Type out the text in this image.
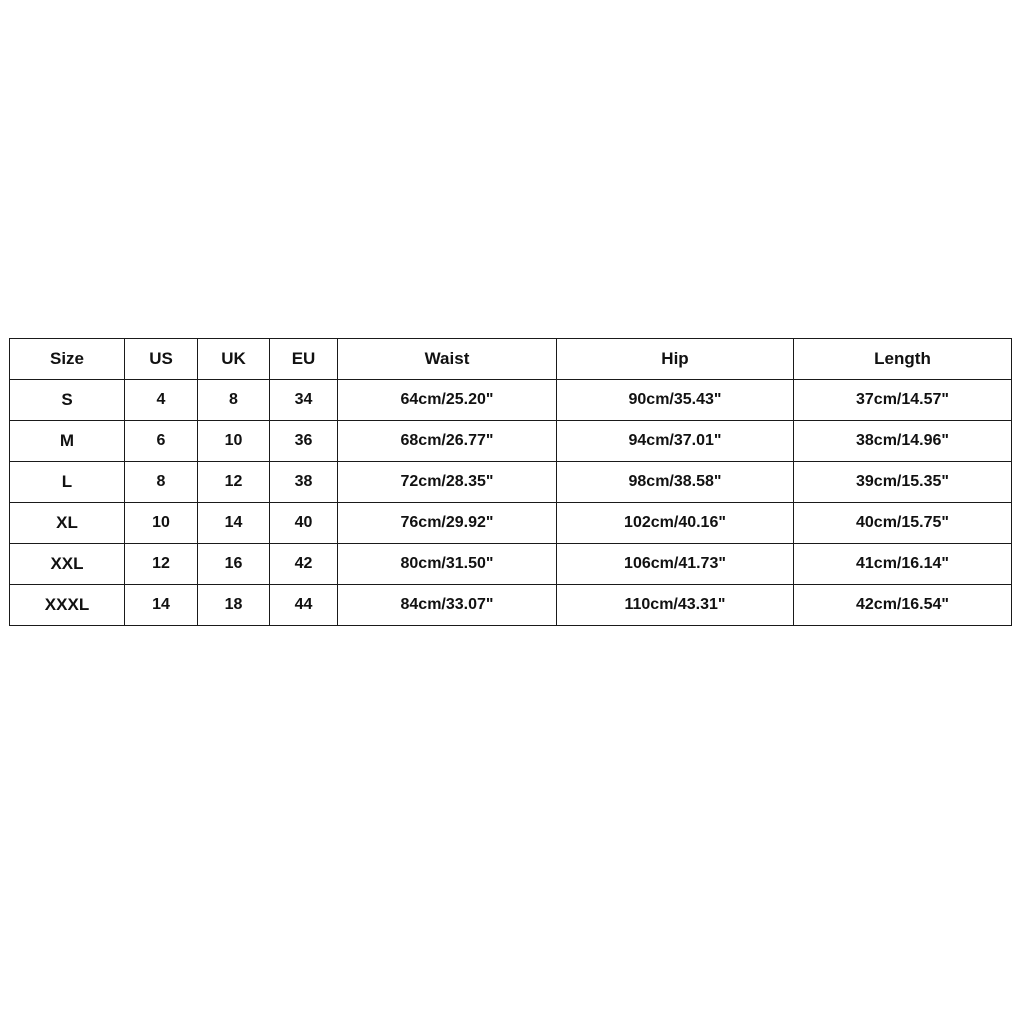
Size	US	UK	EU	Waist	Hip	Length
S	4	8	34	64cm/25.20"	90cm/35.43"	37cm/14.57"
M	6	10	36	68cm/26.77"	94cm/37.01"	38cm/14.96"
L	8	12	38	72cm/28.35"	98cm/38.58"	39cm/15.35"
XL	10	14	40	76cm/29.92"	102cm/40.16"	40cm/15.75"
XXL	12	16	42	80cm/31.50"	106cm/41.73"	41cm/16.14"
XXXL	14	18	44	84cm/33.07"	110cm/43.31"	42cm/16.54"
